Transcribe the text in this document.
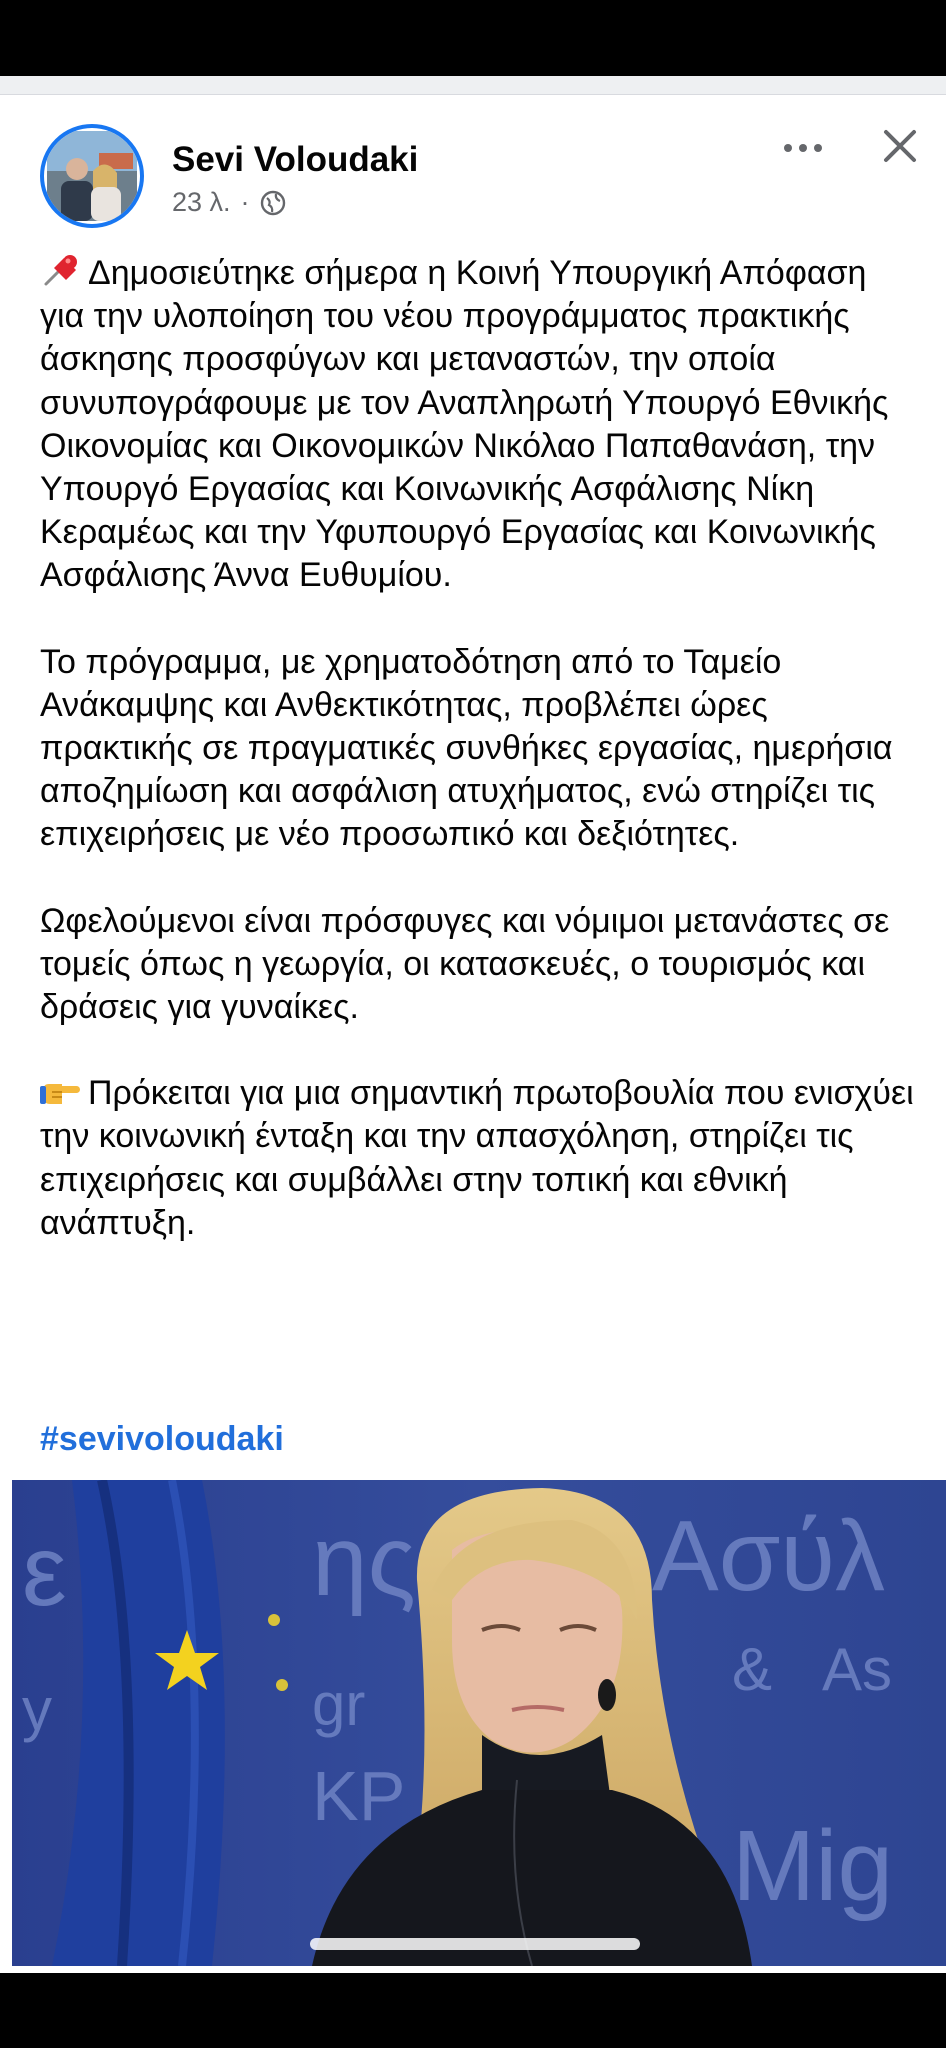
Sevi Voloudaki
23 λ. ·

Δημοσιεύτηκε σήμερα η Κοινή Υπουργική Απόφαση για την υλοποίηση του νέου προγράμματος πρακτικής άσκησης προσφύγων και μεταναστών, την οποία συνυπογράφουμε με τον Αναπληρωτή Υπουργό Εθνικής Οικονομίας και Οικονομικών Νικόλαο Παπαθανάση, την Υπουργό Εργασίας και Κοινωνικής Ασφάλισης Νίκη Κεραμέως και την Υφυπουργό Εργασίας και Κοινωνικής Ασφάλισης Άννα Ευθυμίου.

Το πρόγραμμα, με χρηματοδότηση από το Ταμείο Ανάκαμψης και Ανθεκτικότητας, προβλέπει ώρες πρακτικής σε πραγματικές συνθήκες εργασίας, ημερήσια αποζημίωση και ασφάλιση ατυχήματος, ενώ στηρίζει τις επιχειρήσεις με νέο προσωπικό και δεξιότητες.

Ωφελούμενοι είναι πρόσφυγες και νόμιμοι μετανάστες σε τομείς όπως η γεωργία, οι κατασκευές, ο τουρισμός και δράσεις για γυναίκες.

Πρόκειται για μια σημαντική πρωτοβουλία που ενισχύει την κοινωνική ένταξη και την απασχόληση, στηρίζει τις επιχειρήσεις και συμβάλλει στην τοπική και εθνική ανάπτυξη.

#sevivoloudaki
ε ης Ασύλ
y	gr
& As
ΚΡ
Mig
